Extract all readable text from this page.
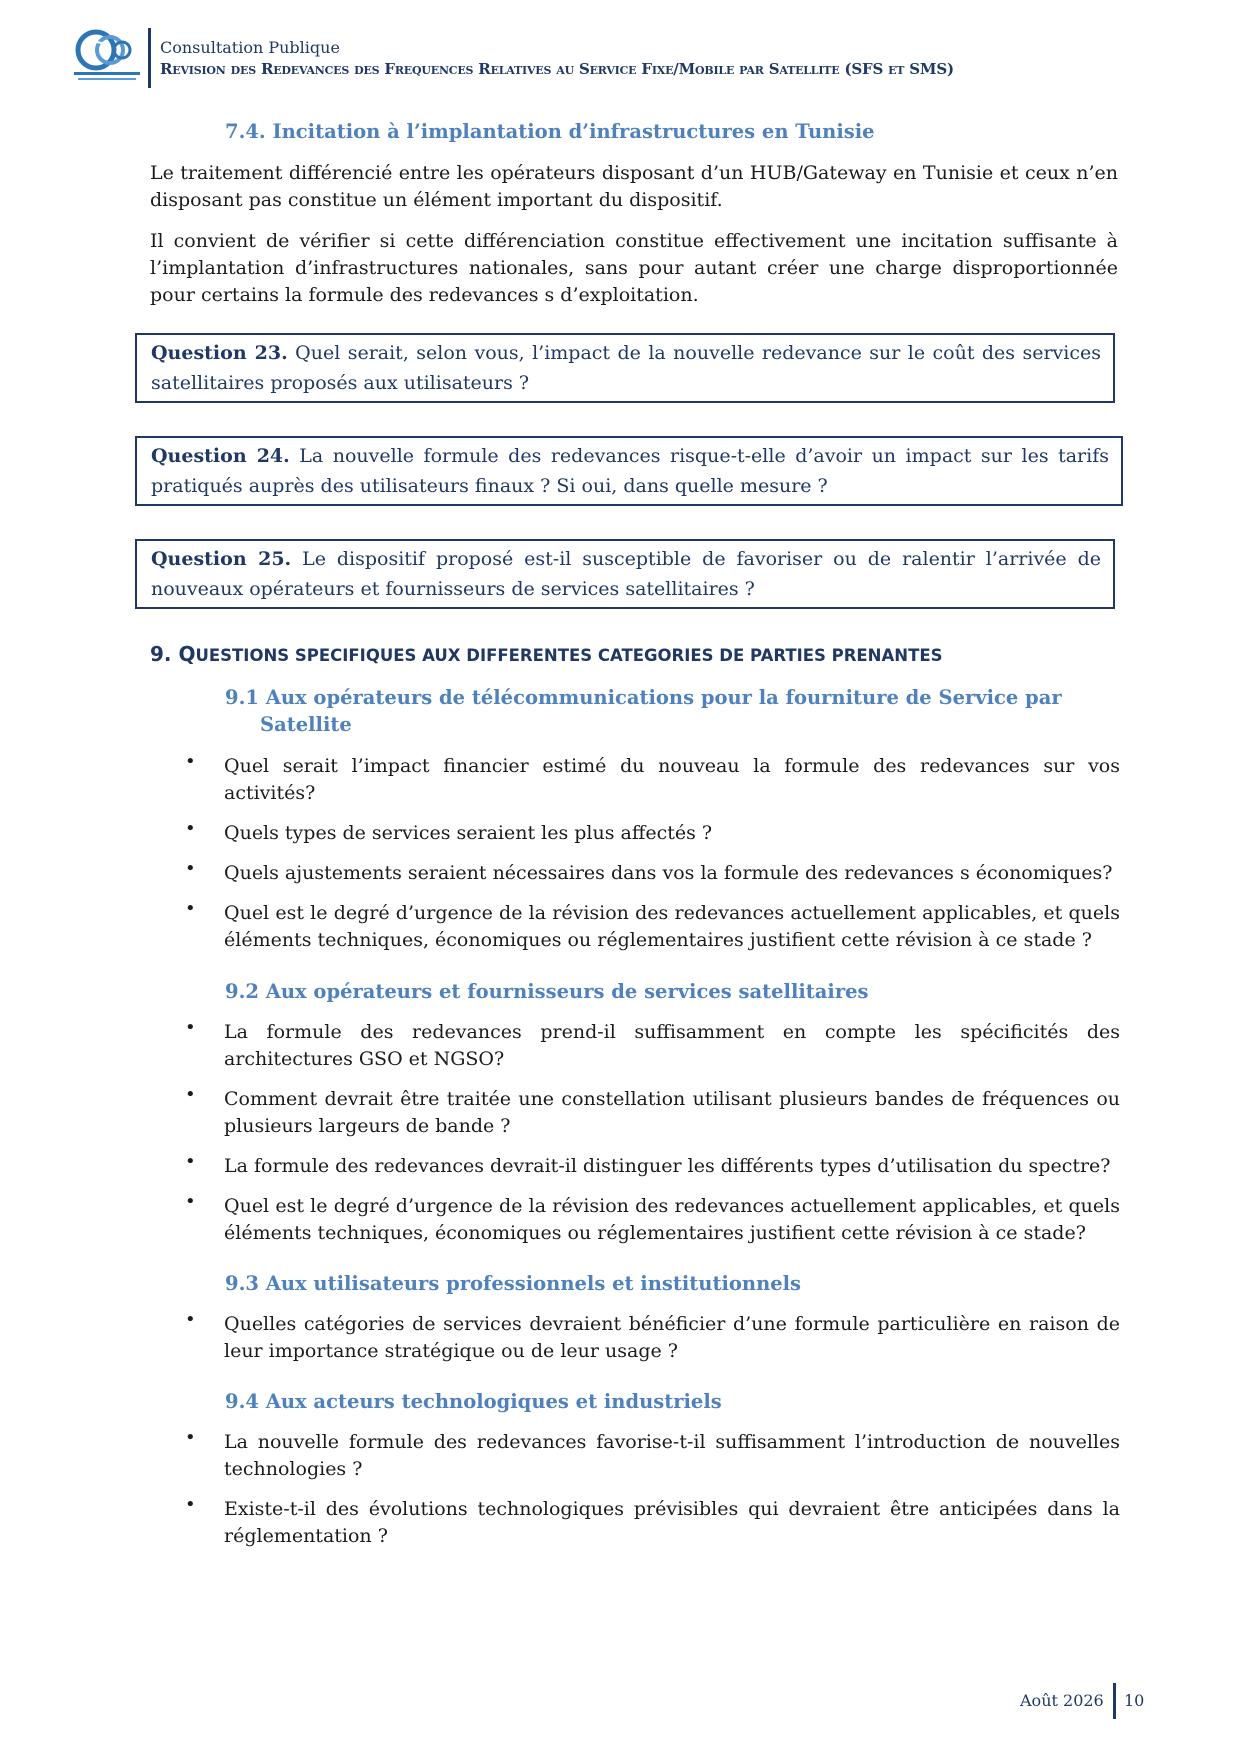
Consultation Publique
Revision des Redevances des Frequences Relatives au Service Fixe/Mobile par Satellite (SFS et SMS)
7.4. Incitation à l’implantation d’infrastructures en Tunisie

Le traitement différencié entre les opérateurs disposant d’un HUB/Gateway en Tunisie et ceux n’en disposant pas constitue un élément important du dispositif.

Il convient de vérifier si cette différenciation constitue effectivement une incitation suffisante à l’implantation d’infrastructures nationales, sans pour autant créer une charge disproportionnée pour certains la formule des redevances s d’exploitation.

Question 23. Quel serait, selon vous, l’impact de la nouvelle redevance sur le coût des services satellitaires proposés aux utilisateurs ?

Question 24. La nouvelle formule des redevances risque-t-elle d’avoir un impact sur les tarifs pratiqués auprès des utilisateurs finaux ? Si oui, dans quelle mesure ?

Question 25. Le dispositif proposé est-il susceptible de favoriser ou de ralentir l’arrivée de nouveaux opérateurs et fournisseurs de services satellitaires ?

9. QUESTIONS SPECIFIQUES AUX DIFFERENTES CATEGORIES DE PARTIES PRENANTES
9.1 Aux opérateurs de télécommunications pour la fourniture de Service par
Satellite
• Quel serait l’impact financier estimé du nouveau la formule des redevances sur vos activités?
• Quels types de services seraient les plus affectés ?
• Quels ajustements seraient nécessaires dans vos la formule des redevances s économiques?
• Quel est le degré d’urgence de la révision des redevances actuellement applicables, et quels éléments techniques, économiques ou réglementaires justifient cette révision à ce stade ?
9.2 Aux opérateurs et fournisseurs de services satellitaires
• La formule des redevances prend-il suffisamment en compte les spécificités des architectures GSO et NGSO?
• Comment devrait être traitée une constellation utilisant plusieurs bandes de fréquences ou plusieurs largeurs de bande ?
• La formule des redevances devrait-il distinguer les différents types d’utilisation du spectre?
• Quel est le degré d’urgence de la révision des redevances actuellement applicables, et quels éléments techniques, économiques ou réglementaires justifient cette révision à ce stade?
9.3 Aux utilisateurs professionnels et institutionnels
• Quelles catégories de services devraient bénéficier d’une formule particulière en raison de leur importance stratégique ou de leur usage ?
9.4 Aux acteurs technologiques et industriels
• La nouvelle formule des redevances favorise-t-il suffisamment l’introduction de nouvelles technologies ?
• Existe-t-il des évolutions technologiques prévisibles qui devraient être anticipées dans la réglementation ?
Août 2026 10
